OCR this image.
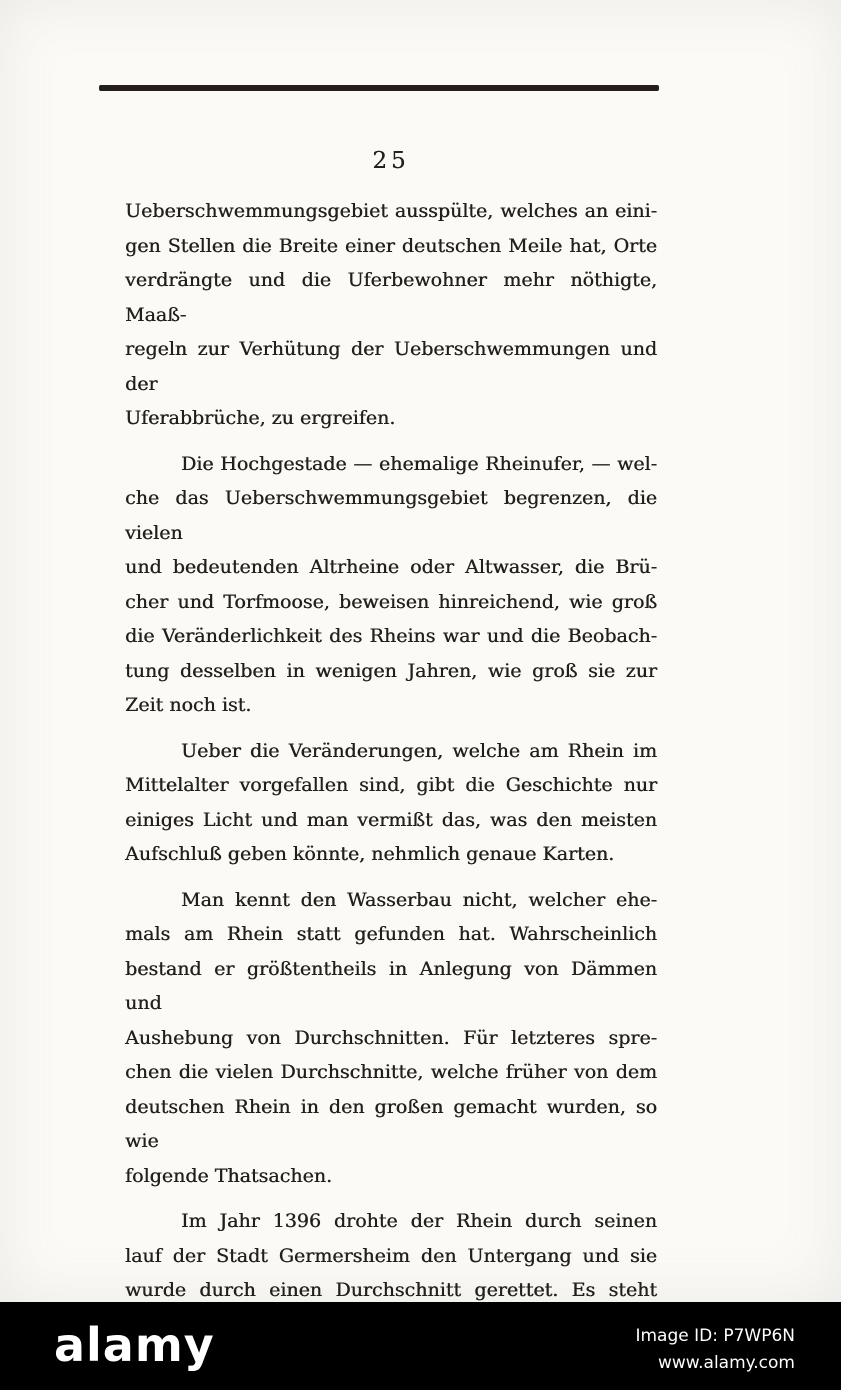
25
Ueberschwemmungsgebiet ausspülte, welches an eini-
gen Stellen die Breite einer deutschen Meile hat, Orte
verdrängte und die Uferbewohner mehr nöthigte, Maaß-
regeln zur Verhütung der Ueberschwemmungen und der
Uferabbrüche, zu ergreifen.
Die Hochgestade — ehemalige Rheinufer, — wel-
che das Ueberschwemmungsgebiet begrenzen, die vielen
und bedeutenden Altrheine oder Altwasser, die Brü-
cher und Torfmoose, beweisen hinreichend, wie groß
die Veränderlichkeit des Rheins war und die Beobach-
tung desselben in wenigen Jahren, wie groß sie zur
Zeit noch ist.
Ueber die Veränderungen, welche am Rhein im
Mittelalter vorgefallen sind, gibt die Geschichte nur
einiges Licht und man vermißt das, was den meisten
Aufschluß geben könnte, nehmlich genaue Karten.
Man kennt den Wasserbau nicht, welcher ehe-
mals am Rhein statt gefunden hat. Wahrscheinlich
bestand er größtentheils in Anlegung von Dämmen und
Aushebung von Durchschnitten. Für letzteres spre-
chen die vielen Durchschnitte, welche früher von dem
deutschen Rhein in den großen gemacht wurden, so wie
folgende Thatsachen.
Im Jahr 1396 drohte der Rhein durch seinen
lauf der Stadt Germersheim den Untergang und sie
wurde durch einen Durchschnitt gerettet. Es steht
alamy	Image ID: P7WP6N
www.alamy.com
